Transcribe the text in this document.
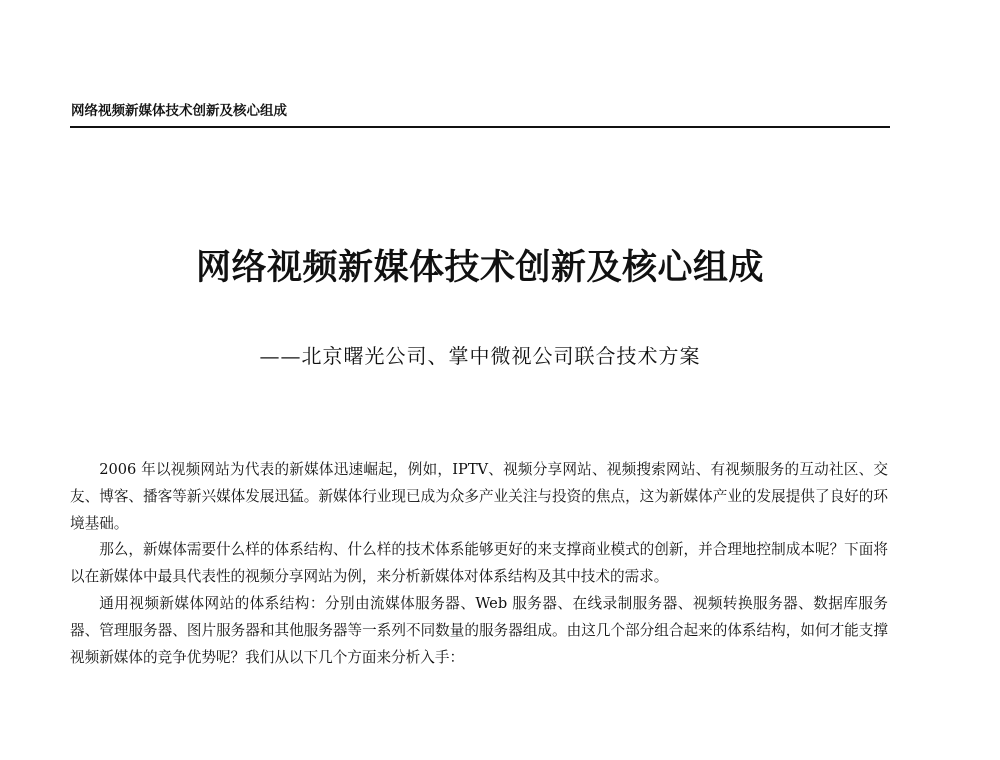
网络视频新媒体技术创新及核心组成
网络视频新媒体技术创新及核心组成
——北京曙光公司、掌中微视公司联合技术方案

2006 年以视频网站为代表的新媒体迅速崛起，例如，IPTV、视频分享网站、视频搜索网站、有视频服务的互动社区、交友、博客、播客等新兴媒体发展迅猛。新媒体行业现已成为众多产业关注与投资的焦点，这为新媒体产业的发展提供了良好的环境基础。

那么，新媒体需要什么样的体系结构、什么样的技术体系能够更好的来支撑商业模式的创新，并合理地控制成本呢？下面将以在新媒体中最具代表性的视频分享网站为例，来分析新媒体对体系结构及其中技术的需求。

通用视频新媒体网站的体系结构：分别由流媒体服务器、Web 服务器、在线录制服务器、视频转换服务器、数据库服务器、管理服务器、图片服务器和其他服务器等一系列不同数量的服务器组成。由这几个部分组合起来的体系结构，如何才能支撑视频新媒体的竞争优势呢？我们从以下几个方面来分析入手：
